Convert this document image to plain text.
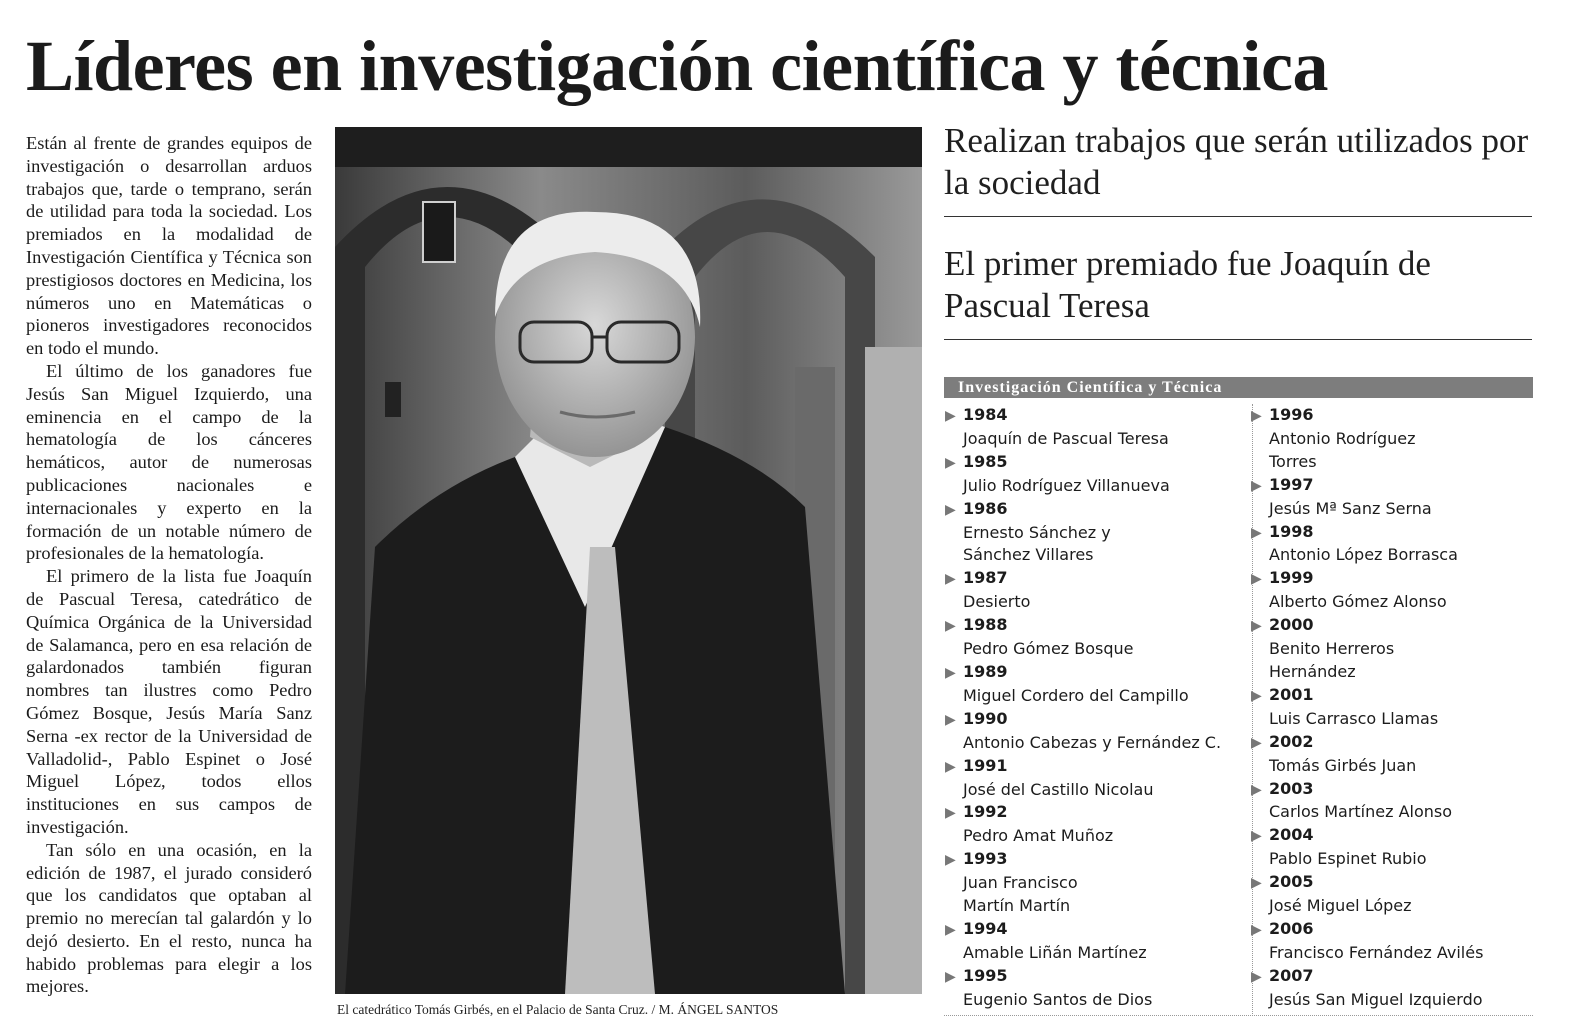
Líderes en investigación científica y técnica

Están al frente de grandes equipos de investigación o desarrollan arduos trabajos que, tarde o temprano, serán de utilidad para toda la sociedad. Los premiados en la modalidad de Investigación Científica y Técnica son prestigiosos doctores en Medicina, los números uno en Matemáticas o pioneros investigadores reconocidos en todo el mundo.

El último de los ganadores fue Jesús San Miguel Izquierdo, una eminencia en el campo de la hematología de los cánceres hemáticos, autor de numerosas publicaciones nacionales e internacionales y experto en la formación de un notable número de profesionales de la hematología.

El primero de la lista fue Joaquín de Pascual Teresa, catedrático de Química Orgánica de la Universidad de Salamanca, pero en esa relación de galardonados también figuran nombres tan ilustres como Pedro Gómez Bosque, Jesús María Sanz Serna -ex rector de la Universidad de Valladolid-, Pablo Espinet o José Miguel López, todos ellos instituciones en sus campos de investigación.

Tan sólo en una ocasión, en la edición de 1987, el jurado consideró que los candidatos que optaban al premio no merecían tal galardón y lo dejó desierto. En el resto, nunca ha habido problemas para elegir a los mejores.

El catedrático Tomás Girbés, en el Palacio de Santa Cruz. / M. ÁNGEL SANTOS
Realizan trabajos que serán utilizados por la sociedad
El primer premiado fue Joaquín de Pascual Teresa
Investigación Científica y Técnica
▶ 1984
Joaquín de Pascual Teresa
▶ 1985
Julio Rodríguez Villanueva
▶ 1986
Ernesto Sánchez y
Sánchez Villares
▶ 1987
Desierto
▶ 1988
Pedro Gómez Bosque
▶ 1989
Miguel Cordero del Campillo
▶ 1990
Antonio Cabezas y Fernández C.
▶ 1991
José del Castillo Nicolau
▶ 1992
Pedro Amat Muñoz
▶ 1993
Juan Francisco
Martín Martín
▶ 1994
Amable Liñán Martínez
▶ 1995
Eugenio Santos de Dios
▶ 1996
Antonio Rodríguez
Torres
▶ 1997
Jesús Mª Sanz Serna
▶ 1998
Antonio López Borrasca
▶ 1999
Alberto Gómez Alonso
▶ 2000
Benito Herreros
Hernández
▶ 2001
Luis Carrasco Llamas
▶ 2002
Tomás Girbés Juan
▶ 2003
Carlos Martínez Alonso
▶ 2004
Pablo Espinet Rubio
▶ 2005
José Miguel López
▶ 2006
Francisco Fernández Avilés
▶ 2007
Jesús San Miguel Izquierdo
